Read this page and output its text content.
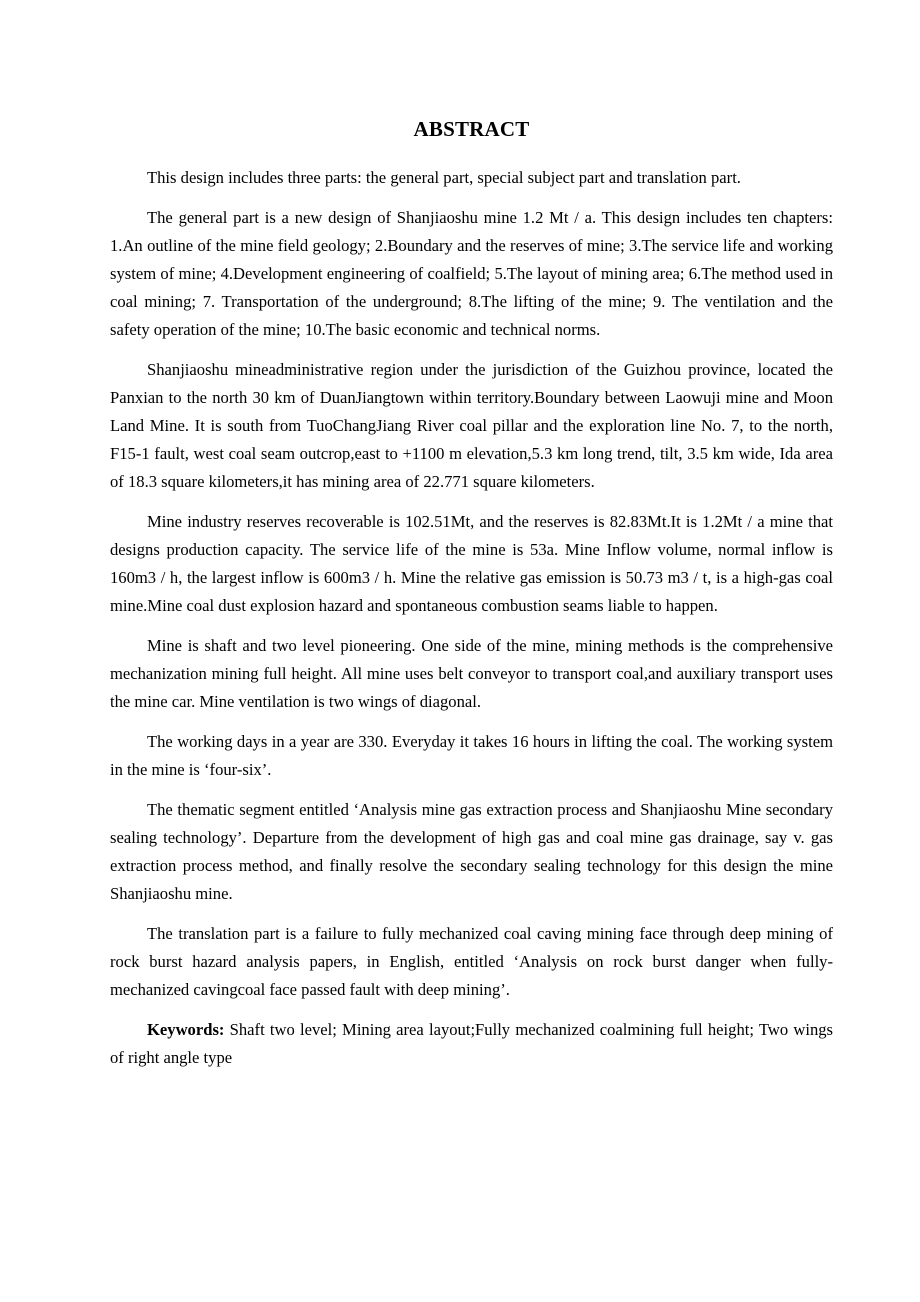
ABSTRACT

This design includes three parts: the general part, special subject part and translation part.

The general part is a new design of Shanjiaoshu mine 1.2 Mt / a. This design includes ten chapters: 1.An outline of the mine field geology; 2.Boundary and the reserves of mine; 3.The service life and working system of mine; 4.Development engineering of coalfield; 5.The layout of mining area; 6.The method used in coal mining; 7. Transportation of the underground; 8.The lifting of the mine; 9. The ventilation and the safety operation of the mine; 10.The basic economic and technical norms.

Shanjiaoshu mineadministrative region under the jurisdiction of the Guizhou province, located the Panxian to the north 30 km of DuanJiangtown within territory.Boundary between Laowuji mine and Moon Land Mine. It is south from TuoChangJiang River coal pillar and the exploration line No. 7, to the north, F15-1 fault, west coal seam outcrop,east to +1100 m elevation,5.3 km long trend, tilt, 3.5 km wide, Ida area of 18.3 square kilometers,it has mining area of 22.771 square kilometers.

Mine industry reserves recoverable is 102.51Mt, and the reserves is 82.83Mt.It is 1.2Mt / a mine that designs production capacity. The service life of the mine is 53a. Mine Inflow volume, normal inflow is 160m3 / h, the largest inflow is 600m3 / h. Mine the relative gas emission is 50.73 m3 / t, is a high-gas coal mine.Mine coal dust explosion hazard and spontaneous combustion seams liable to happen.

Mine is shaft and two level pioneering. One side of the mine, mining methods is the comprehensive mechanization mining full height. All mine uses belt conveyor to transport coal,and auxiliary transport uses the mine car. Mine ventilation is two wings of diagonal.

The working days in a year are 330. Everyday it takes 16 hours in lifting the coal. The working system in the mine is ‘four-six’.

The thematic segment entitled ‘Analysis mine gas extraction process and Shanjiaoshu Mine secondary sealing technology’. Departure from the development of high gas and coal mine gas drainage, say v. gas extraction process method, and finally resolve the secondary sealing technology for this design the mine Shanjiaoshu mine.

The translation part is a failure to fully mechanized coal caving mining face through deep mining of rock burst hazard analysis papers, in English, entitled ‘Analysis on rock burst danger when fully-mechanized cavingcoal face passed fault with deep mining’.

Keywords: Shaft two level; Mining area layout;Fully mechanized coalmining full height; Two wings of right angle type
